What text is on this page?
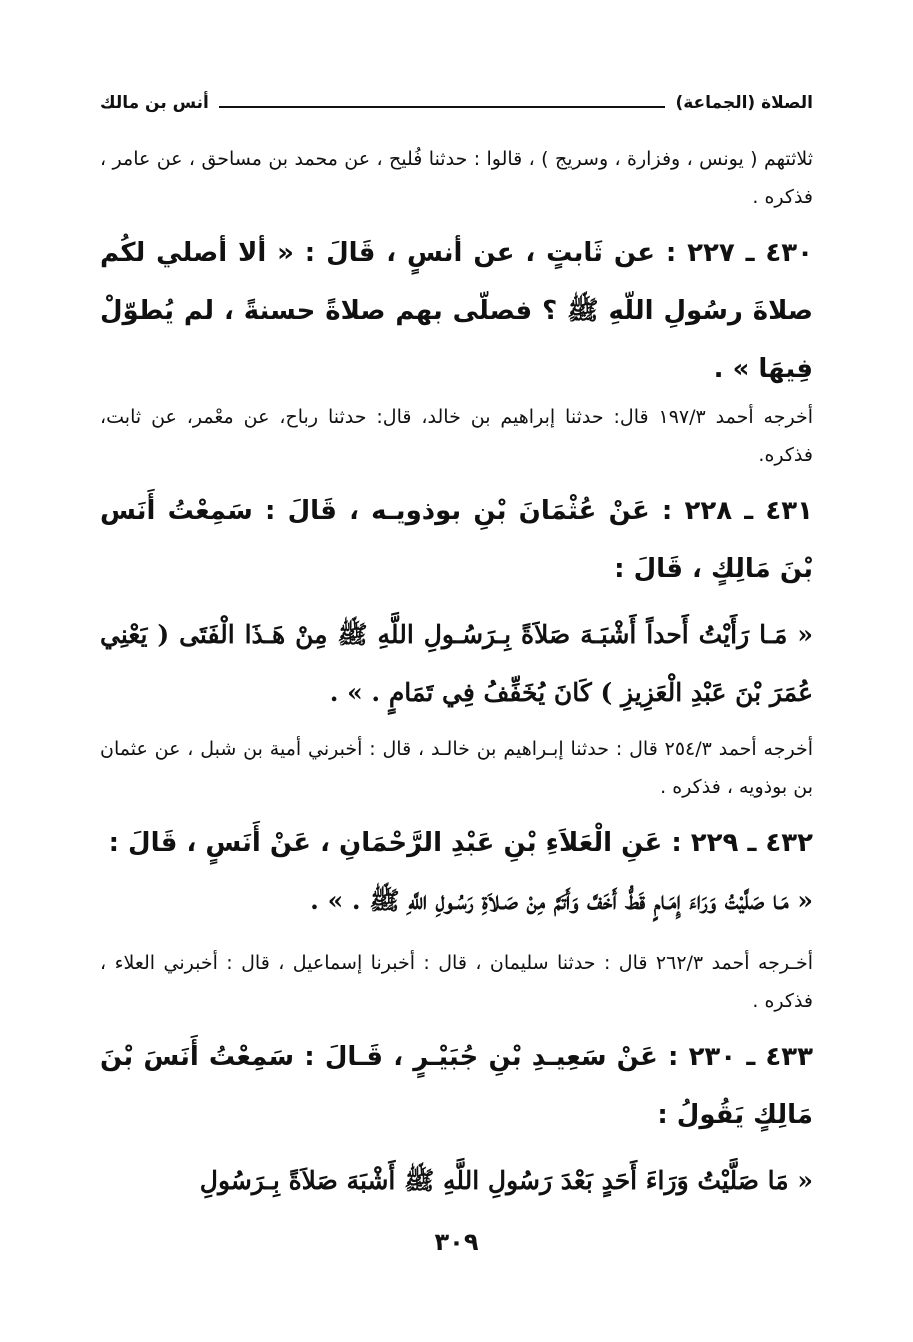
الصلاة (الجماعة)
أنس بن مالك

ثلاثتهم ( يونس ، وفزارة ، وسريج ) ، قالوا : حدثنا فُليح ، عن محمد بن مساحق ، عن عامر ، فذكره .

٤٣٠ ـ ٢٢٧ : عن ثَابتٍ ، عن أنسٍ ، قَالَ : « ألا أصلي لكُم صلاةَ رسُولِ اللّهِ ﷺ ؟ فصلّى بهم صلاةً حسنةً ، لم يُطوّلْ فِيهَا » .

أخرجه أحمد ١٩٧/٣ قال: حدثنا إبراهيم بن خالد، قال: حدثنا رباح، عن معْمر، عن ثابت، فذكره.

٤٣١ ـ ٢٢٨ : عَنْ عُثْمَانَ بْنِ بوذويـه ، قَالَ : سَمِعْتُ أَنَس بْنَ مَالِكٍ ، قَالَ :

« مَـا رَأَيْتُ أَحداً أَشْبَـهَ صَلاَةً بِـرَسُـولِ اللَّهِ ﷺ مِنْ هَـذَا الْفَتَى ( يَعْنِي عُمَرَ بْنَ عَبْدِ الْعَزِيزِ ) كَانَ يُخَفِّفُ فِي تَمَامٍ . » .

أخرجه أحمد ٢٥٤/٣ قال : حدثنا إبـراهيم بن خالـد ، قال : أخبرني أمية بن شبل ، عن عثمان بن بوذويه ، فذكره .

٤٣٢ ـ ٢٢٩ : عَنِ الْعَلاَءِ بْنِ عَبْدِ الرَّحْمَانِ ، عَنْ أَنَسٍ ، قَالَ :

« مَـا صَلَّيْتُ وَرَاءَ إِمَـامٍ قَطُّ أَخَفَّ وَأَتَمَّ مِنْ صَـلاَةِ رَسُـولِ اللَّهِ ﷺ . » .

أخـرجه أحمد ٢٦٢/٣ قال : حدثنا سليمان ، قال : أخبرنا إسماعيل ، قال : أخبرني العلاء ، فذكره .

٤٣٣ ـ ٢٣٠ : عَنْ سَعِيـدِ بْنِ جُبَيْـرٍ ، قَـالَ : سَمِعْتُ أَنَسَ بْنَ مَالِكٍ يَقُولُ :

« مَا صَلَّيْتُ وَرَاءَ أَحَدٍ بَعْدَ رَسُولِ اللَّهِ ﷺ أَشْبَهَ صَلاَةً بِـرَسُولِ

٣٠٩
